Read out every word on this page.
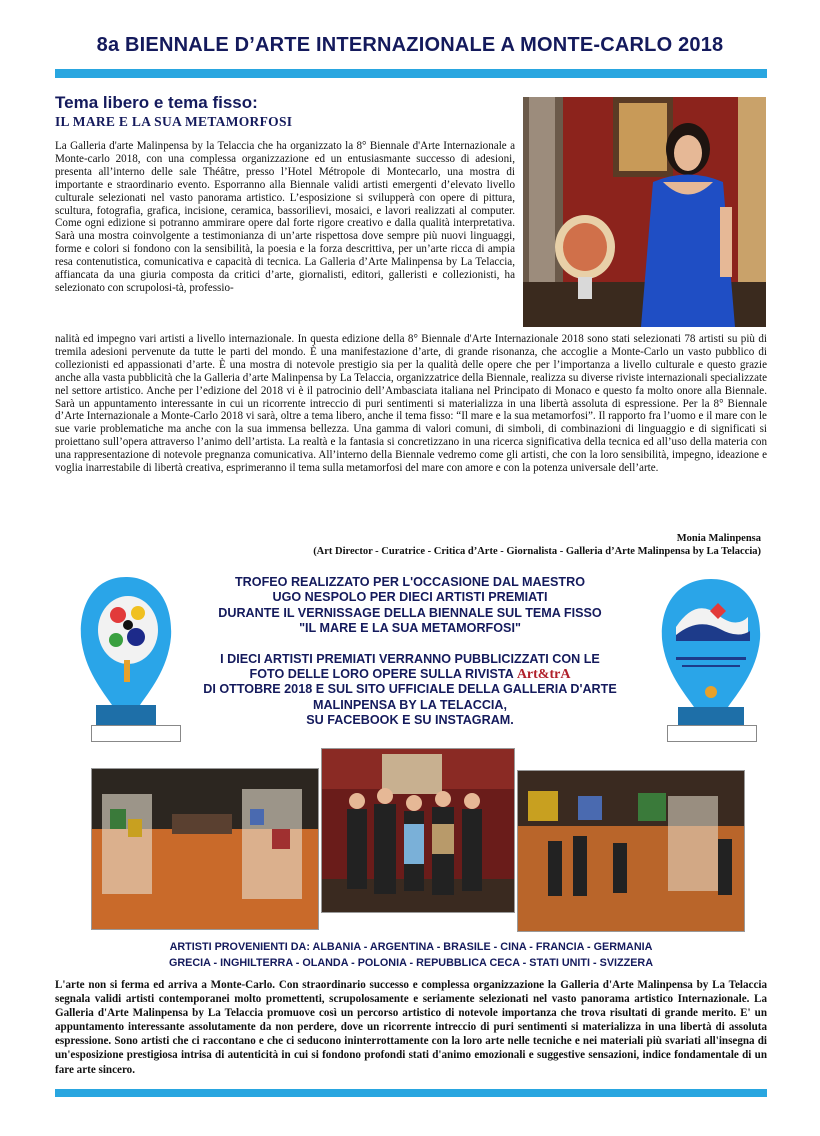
8a BIENNALE D’ARTE INTERNAZIONALE A MONTE-CARLO 2018
Tema libero e tema fisso:
IL MARE E LA SUA METAMORFOSI

La Galleria d'arte Malinpensa by la Telaccia che ha organizzato la 8° Biennale d'Arte Internazionale a Monte-carlo 2018, con una complessa organizzazione ed un entusiasmante successo di adesioni, presenta all’interno delle sale Théâtre, presso l’Hotel Métropole di Montecarlo, una mostra di importante e straordinario evento. Esporranno alla Biennale validi artisti emergenti d’elevato livello culturale selezionati nel vasto panorama artistico. L’esposizione si svilupperà con opere di pittura, scultura, fotografia, grafica, incisione, ceramica, bassorilievi, mosaici, e lavori realizzati al computer. Come ogni edizione si potranno ammirare opere dal forte rigore creativo e dalla qualità interpretativa. Sarà una mostra coinvolgente a testimonianza di un’arte rispettosa dove sempre più nuovi linguaggi, forme e colori si fondono con la sensibilità, la poesia e la forza descrittiva, per un’arte ricca di ampia resa contenutistica, comunicativa e capacità di tecnica. La Galleria d’Arte Malinpensa by La Telaccia, affiancata da una giuria composta da critici d’arte, giornalisti, editori, galleristi e collezionisti, ha selezionato con scrupolosi-tà, professio-

nalità ed impegno vari artisti a livello internazionale. In questa edizione della 8° Biennale d'Arte Internazionale 2018 sono stati selezionati 78 artisti su più di tremila adesioni pervenute da tutte le parti del mondo. È una manifestazione d’arte, di grande risonanza, che accoglie a Monte-Carlo un vasto pubblico di collezionisti ed appassionati d’arte. È una mostra di notevole prestigio sia per la qualità delle opere che per l’importanza a livello culturale e questo grazie anche alla vasta pubblicità che la Galleria d’arte Malinpensa by La Telaccia, organizzatrice della Biennale, realizza su diverse riviste internazionali specializzate nel settore artistico. Anche per l’edizione del 2018 vi è il patrocinio dell’Ambasciata italiana nel Principato di Monaco e questo fa molto onore alla Biennale. Sarà un appuntamento interessante in cui un ricorrente intreccio di puri sentimenti si materializza in una libertà assoluta di espressione. Per la 8° Biennale d’Arte Internazionale a Monte-Carlo 2018 vi sarà, oltre a tema libero, anche il tema fisso: “Il mare e la sua metamorfosi”. Il rapporto fra l’uomo e il mare con le sue varie problematiche ma anche con la sua immensa bellezza. Una gamma di valori comuni, di simboli, di combinazioni di linguaggio e di significati si proiettano sull’opera attraverso l’animo dell’artista. La realtà e la fantasia si concretizzano in una ricerca significativa della tecnica ed all’uso della materia con una rappresentazione di notevole pregnanza comunicativa. All’interno della Biennale vedremo come gli artisti, che con la loro sensibilità, impegno, ideazione e voglia inarrestabile di libertà creativa, esprimeranno il tema sulla metamorfosi del mare con amore e con la potenza universale dell’arte.

Monia Malinpensa
(Art Director - Curatrice - Critica d’Arte - Giornalista - Galleria d’Arte Malinpensa by La Telaccia)
TROFEO REALIZZATO PER L'OCCASIONE DAL MAESTRO
UGO NESPOLO PER DIECI ARTISTI PREMIATI
DURANTE IL VERNISSAGE DELLA BIENNALE SUL TEMA FISSO
"IL MARE E LA SUA METAMORFOSI"
I DIECI ARTISTI PREMIATI VERRANNO PUBBLICIZZATI CON LE
FOTO DELLE LORO OPERE SULLA RIVISTA Art&trA
DI OTTOBRE 2018 E SUL SITO UFFICIALE DELLA GALLERIA D'ARTE
MALINPENSA BY LA TELACCIA,
SU FACEBOOK E SU INSTAGRAM.
ARTISTI PROVENIENTI DA: ALBANIA - ARGENTINA - BRASILE - CINA - FRANCIA - GERMANIA
GRECIA - INGHILTERRA - OLANDA - POLONIA - REPUBBLICA CECA - STATI UNITI - SVIZZERA

L'arte non si ferma ed arriva a Monte-Carlo. Con straordinario successo e complessa organizzazione la Galleria d'Arte Malinpensa by La Telaccia segnala validi artisti contemporanei molto promettenti, scrupolosamente e seriamente selezionati nel vasto panorama artistico Internazionale. La Galleria d'Arte Malinpensa by La Telaccia promuove così un percorso artistico di notevole importanza che trova risultati di grande merito. E' un appuntamento interessante assolutamente da non perdere, dove un ricorrente intreccio di puri sentimenti si materializza in una libertà di assoluta espressione. Sono artisti che ci raccontano e che ci seducono ininterrottamente con la loro arte nelle tecniche e nei materiali più svariati all'insegna di un'esposizione prestigiosa intrisa di autenticità in cui si fondono profondi stati d'animo emozionali e suggestive sensazioni, indice fondamentale di un fare arte sincero.
